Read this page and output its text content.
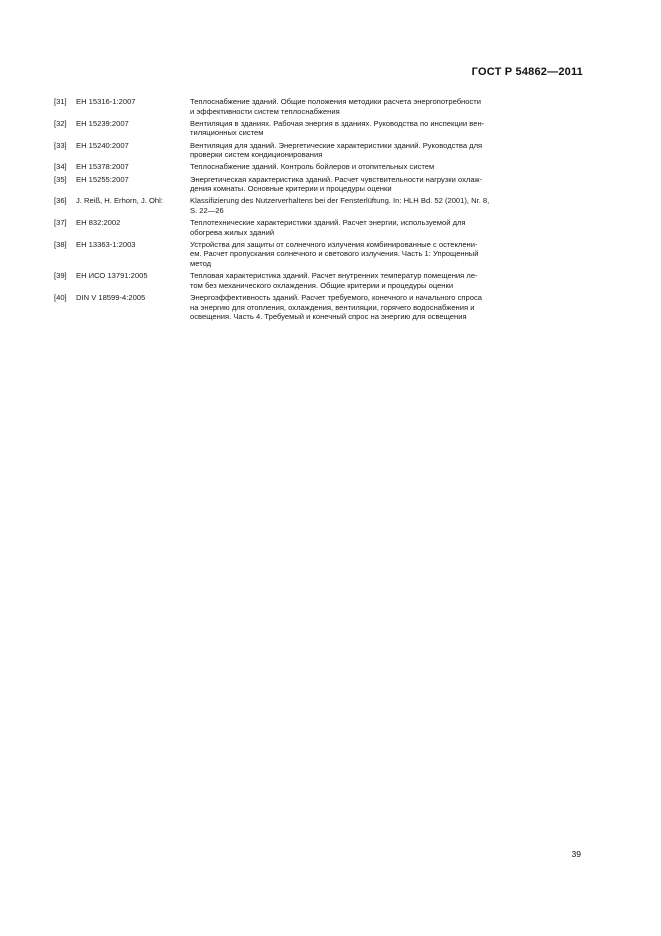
ГОСТ Р 54862—2011
[31]	ЕН 15316-1:2007	Теплоснабжение зданий. Общие положения методики расчета энергопотребности
и эффективности систем теплоснабжения
[32]	ЕН 15239:2007	Вентиляция в зданиях. Рабочая энергия в зданиях. Руководства по инспекции вен-
тиляционных систем
[33]	ЕН 15240:2007	Вентиляция для зданий. Энергетические характеристики зданий. Руководства для
проверки систем кондиционирования
[34]	ЕН 15378:2007	Теплоснабжение зданий. Контроль бойлеров и отопительных систем
[35]	ЕН 15255:2007	Энергетическая характеристика зданий. Расчет чувствительности нагрузки охлаж-
дения комнаты. Основные критерии и процедуры оценки
[36]	J. Reiß, H. Erhorn, J. Ohl:	Klassifizierung des Nutzerverhaltens bei der Fensterlüftung. In: HLH Bd. 52 (2001), Nr. 8,
S. 22—26
[37]	ЕН 832:2002	Теплотехнические характеристики зданий. Расчет энергии, используемой для
обогрева жилых зданий
[38]	ЕН 13363-1:2003	Устройства для защиты от солнечного излучения комбинированные с остеклени-
ем. Расчет пропускания солнечного и светового излучения. Часть 1: Упрощенный
метод
[39]	ЕН ИСО 13791:2005	Тепловая характеристика зданий. Расчет внутренних температур помещения ле-
том без механического охлаждения. Общие критерии и процедуры оценки
[40]	DIN V 18599-4:2005	Энергоэффективность зданий. Расчет требуемого, конечного и начального спроса
на энергию для отопления, охлаждения, вентиляции, горячего водоснабжения и
освещения. Часть 4. Требуемый и конечный спрос на энергию для освещения
39
